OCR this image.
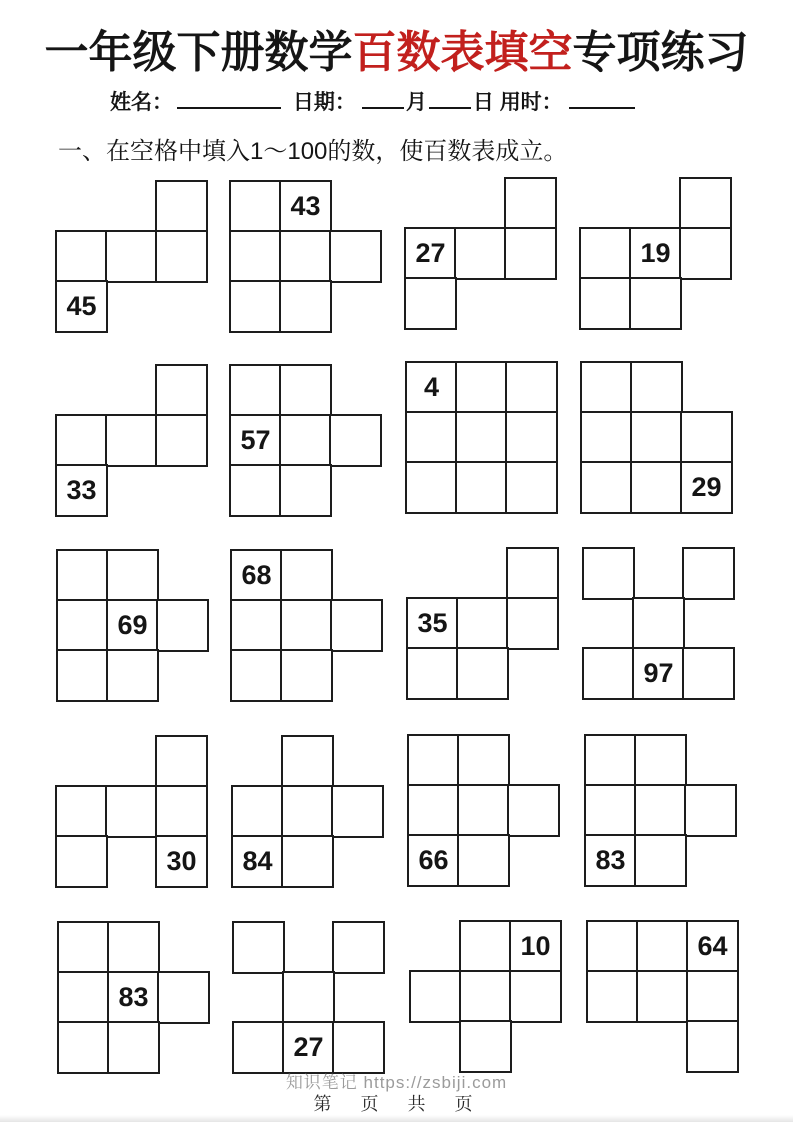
一年级下册数学百数表填空专项练习
姓名：	日期： 月 日 用时：
一、在空格中填入1～100的数，使百数表成立。
45
43
27	19
33
57
4
29
69
68
35
97
30	84	66	83
83
27
10	64
知识笔记 https://zsbiji.com
第 页 共 页
